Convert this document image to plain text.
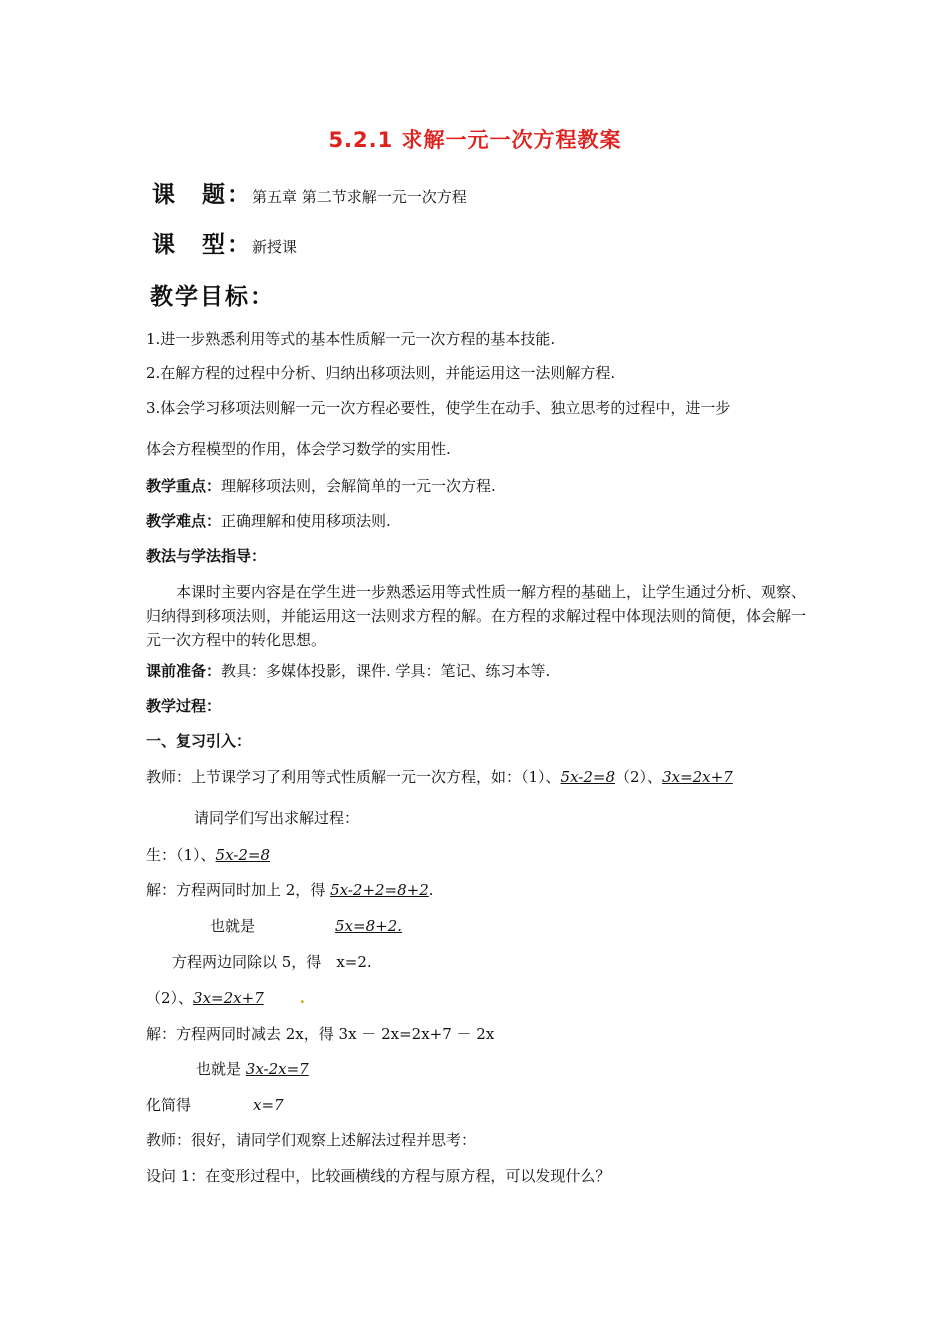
5.2.1 求解一元一次方程教案
课　题：第五章 第二节求解一元一次方程
课　型：新授课
教学目标：
1.进一步熟悉利用等式的基本性质解一元一次方程的基本技能.
2.在解方程的过程中分析、归纳出移项法则，并能运用这一法则解方程.
3.体会学习移项法则解一元一次方程必要性，使学生在动手、独立思考的过程中，进一步
体会方程模型的作用，体会学习数学的实用性.
教学重点：理解移项法则，会解简单的一元一次方程.
教学难点：正确理解和使用移项法则.
教法与学法指导：
本课时主要内容是在学生进一步熟悉运用等式性质一解方程的基础上，让学生通过分析、观察、归纳得到移项法则，并能运用这一法则求方程的解。在方程的求解过程中体现法则的简便，体会解一元一次方程中的转化思想。
课前准备：教具：多媒体投影，课件. 学具：笔记、练习本等.
教学过程：
一、复习引入：
教师：上节课学习了利用等式性质解一元一次方程，如：（1）、5x-2=8（2）、3x=2x+7
请同学们写出求解过程：
生：（1）、5x-2=8
解：方程两同时加上 2，得 5x-2+2=8+2.
也就是	5x=8+2.
方程两边同除以 5，得　x=2.
（2）、3x=2x+7 .
解：方程两同时减去 2x，得 3x － 2x=2x+7 － 2x
也就是 3x-2x=7
化简得	x=7
教师：很好，请同学们观察上述解法过程并思考：
设问 1：在变形过程中，比较画横线的方程与原方程，可以发现什么？
